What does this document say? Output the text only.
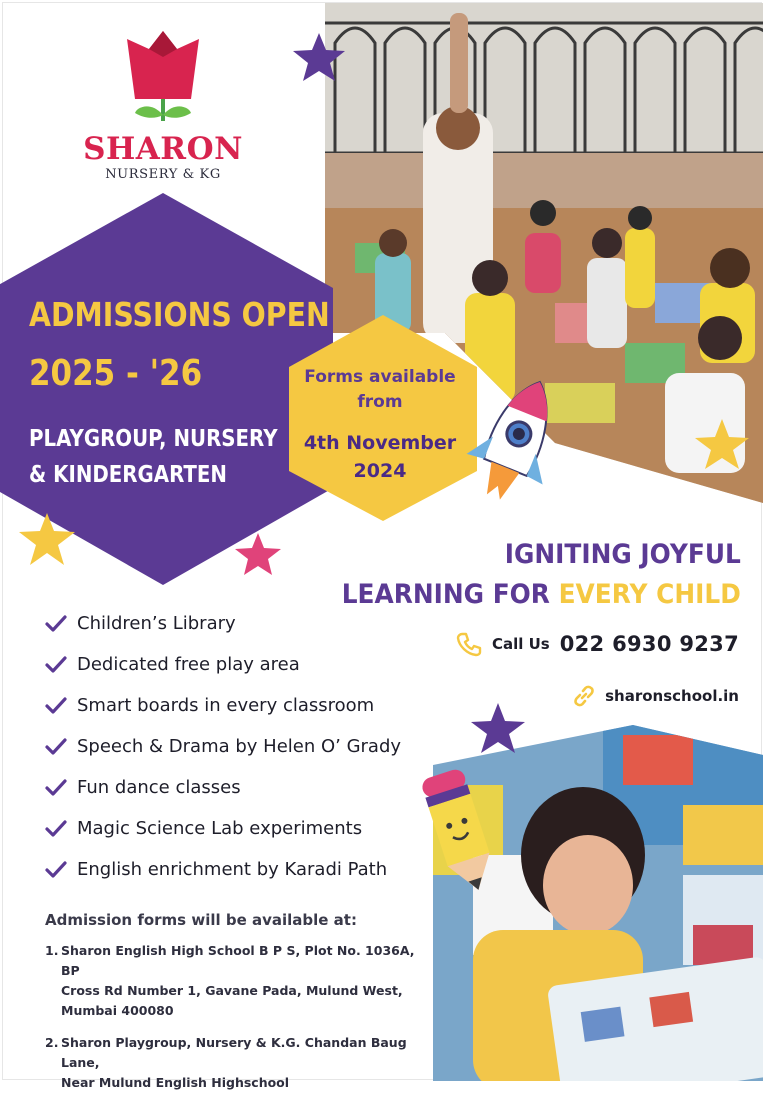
SHARON
NURSERY & KG
ADMISSIONS OPEN
2025 - '26
PLAYGROUP, NURSERY
& KINDERGARTEN
Forms available
from
4th November
2024
IGNITING JOYFUL
LEARNING FOR EVERY CHILD
Call Us 022 6930 9237
sharonschool.in
Children’s Library
Dedicated free play area
Smart boards in every classroom
Speech & Drama by Helen O’ Grady
Fun dance classes
Magic Science Lab experiments
English enrichment by Karadi Path
Admission forms will be available at:
1. Sharon English High School B P S, Plot No. 1036A, BP
Cross Rd Number 1, Gavane Pada, Mulund West,
Mumbai 400080
2. Sharon Playgroup, Nursery & K.G. Chandan Baug Lane,
Near Mulund English Highschool
